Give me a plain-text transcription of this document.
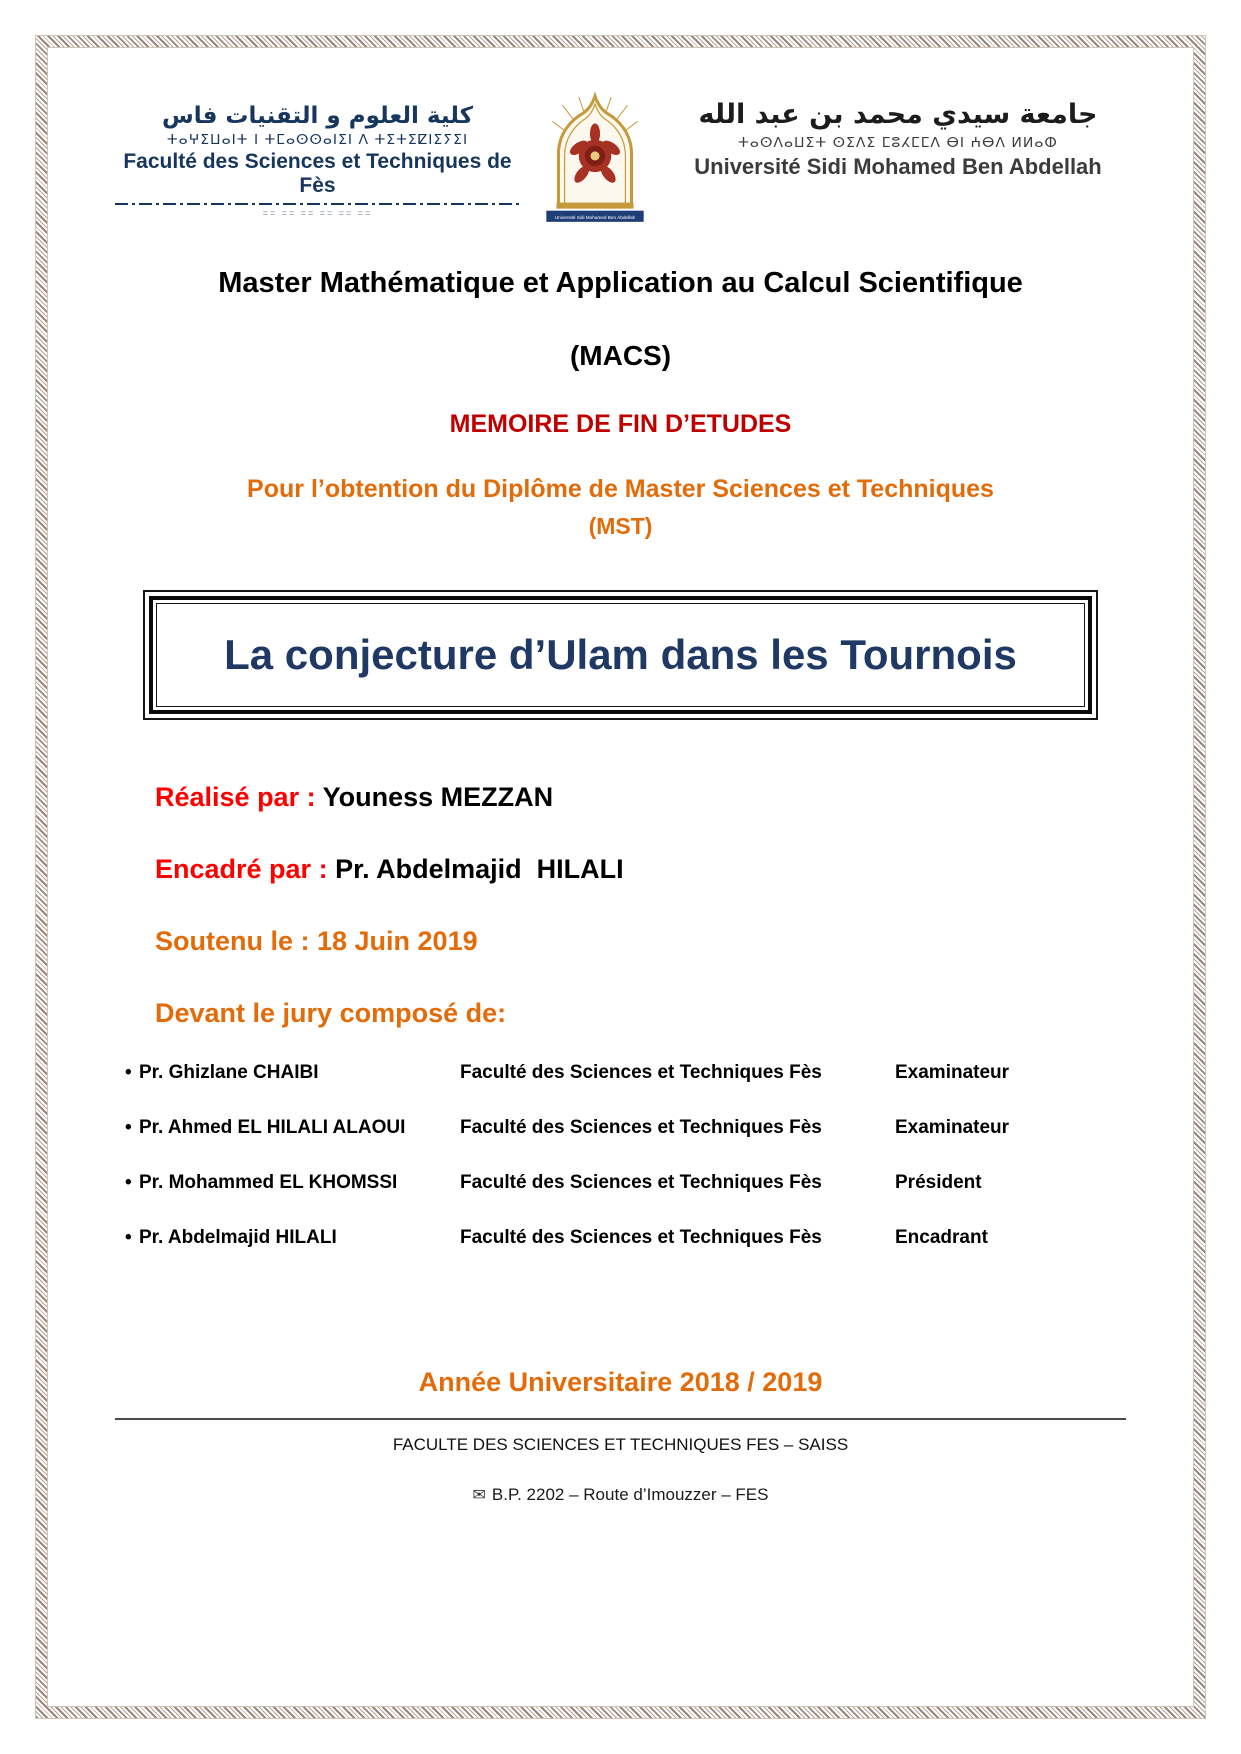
كلية العلوم و التقنيات فاس
ⵜⴰⵖⵉⵡⴰⵏⵜ ⵏ ⵜⵎⴰⵙⵙⴰⵏⵉⵏ ⴷ ⵜⵉⵜⵉⵇⵏⵉⵢⵉⵏ
Faculté des Sciences et Techniques de Fès
== == == == == ==	Université Sidi Mohamed Ben Abdellah
جامعة سيدي محمد بن عبد الله
ⵜⴰⵙⴷⴰⵡⵉⵜ ⵙⵉⴷⵉ ⵎⵓⵃⵎⵎⴷ ⴱⵏ ⵄⴱⴷ ⵍⵍⴰⵀ
Université Sidi Mohamed Ben Abdellah
Master Mathématique et Application au Calcul Scientifique
(MACS)
MEMOIRE DE FIN D’ETUDES
Pour l’obtention du Diplôme de Master Sciences et Techniques
(MST)
La conjecture d’Ulam dans les Tournois
Réalisé par : Youness MEZZAN
Encadré par : Pr. Abdelmajid  HILALI
Soutenu le : 18 Juin 2019
Devant le jury composé de:
• Pr. Ghizlane CHAIBI	Faculté des Sciences et Techniques Fès	Examinateur
• Pr. Ahmed EL HILALI ALAOUI	Faculté des Sciences et Techniques Fès	Examinateur
• Pr. Mohammed EL KHOMSSI	Faculté des Sciences et Techniques Fès	Président
• Pr. Abdelmajid HILALI	Faculté des Sciences et Techniques Fès	Encadrant
Année Universitaire 2018 / 2019
FACULTE DES SCIENCES ET TECHNIQUES FES – SAISS
✉ B.P. 2202 – Route d’Imouzzer – FES
